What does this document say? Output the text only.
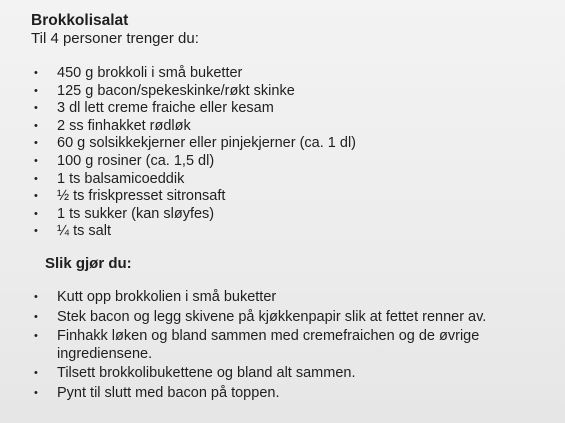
Brokkolisalat

Til 4 personer trenger du:

• 450 g brokkoli i små buketter
• 125 g bacon/spekeskinke/røkt skinke
• 3 dl lett creme fraiche eller kesam
• 2 ss finhakket rødløk
• 60 g solsikkekjerner eller pinjekjerner (ca. 1 dl)
• 100 g rosiner (ca. 1,5 dl)
• 1 ts balsamicoeddik
• ½ ts friskpresset sitronsaft
• 1 ts sukker (kan sløyfes)
• ¼ ts salt
Slik gjør du:
• Kutt opp brokkolien i små buketter
• Stek bacon og legg skivene på kjøkkenpapir slik at fettet renner av.
• Finhakk løken og bland sammen med cremefraichen og de øvrige ingrediensene.
• Tilsett brokkolibukettene og bland alt sammen.
• Pynt til slutt med bacon på toppen.
